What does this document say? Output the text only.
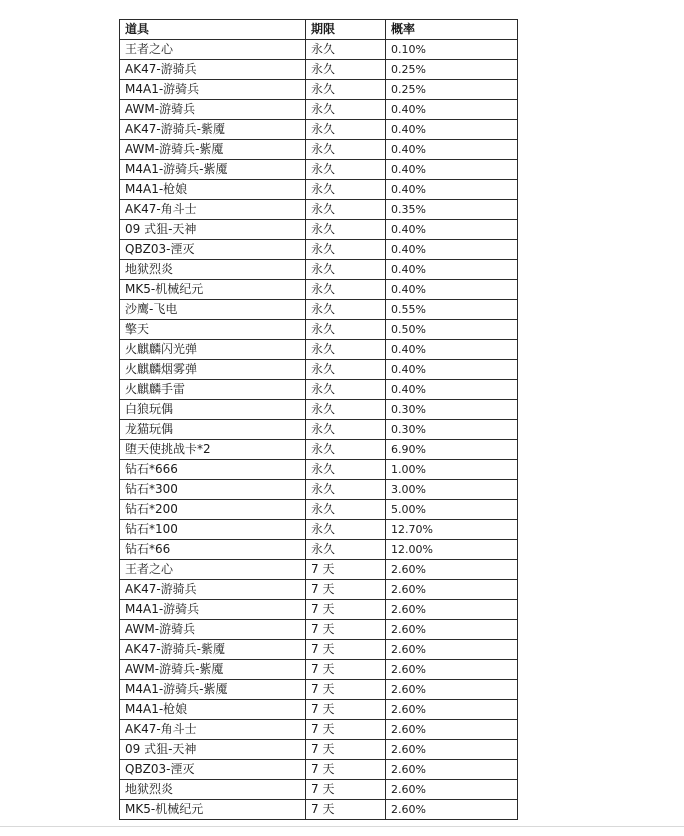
道具	期限	概率
王者之心	永久	0.10%
AK47-游骑兵	永久	0.25%
M4A1-游骑兵	永久	0.25%
AWM-游骑兵	永久	0.40%
AK47-游骑兵-紫魇	永久	0.40%
AWM-游骑兵-紫魇	永久	0.40%
M4A1-游骑兵-紫魇	永久	0.40%
M4A1-枪娘	永久	0.40%
AK47-角斗士	永久	0.35%
09 式狙-天神	永久	0.40%
QBZ03-湮灭	永久	0.40%
地狱烈炎	永久	0.40%
MK5-机械纪元	永久	0.40%
沙鹰-飞电	永久	0.55%
擎天	永久	0.50%
火麒麟闪光弹	永久	0.40%
火麒麟烟雾弹	永久	0.40%
火麒麟手雷	永久	0.40%
白狼玩偶	永久	0.30%
龙猫玩偶	永久	0.30%
堕天使挑战卡*2	永久	6.90%
钻石*666	永久	1.00%
钻石*300	永久	3.00%
钻石*200	永久	5.00%
钻石*100	永久	12.70%
钻石*66	永久	12.00%
王者之心	7 天	2.60%
AK47-游骑兵	7 天	2.60%
M4A1-游骑兵	7 天	2.60%
AWM-游骑兵	7 天	2.60%
AK47-游骑兵-紫魇	7 天	2.60%
AWM-游骑兵-紫魇	7 天	2.60%
M4A1-游骑兵-紫魇	7 天	2.60%
M4A1-枪娘	7 天	2.60%
AK47-角斗士	7 天	2.60%
09 式狙-天神	7 天	2.60%
QBZ03-湮灭	7 天	2.60%
地狱烈炎	7 天	2.60%
MK5-机械纪元	7 天	2.60%
